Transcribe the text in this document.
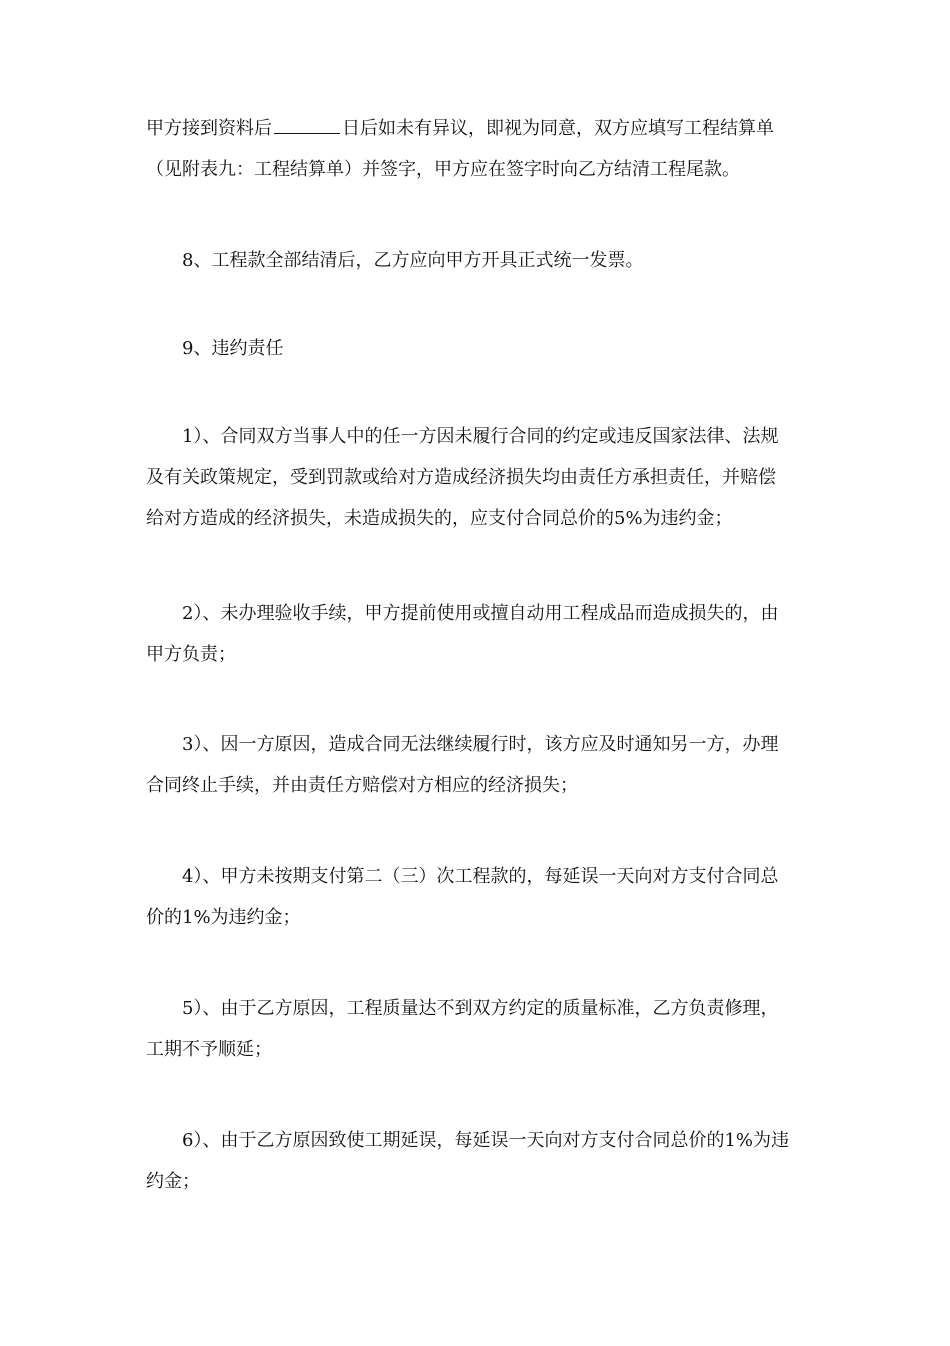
甲方接到资料后	日后如未有异议，即视为同意，双方应填写工程结算单
（见附表九：工程结算单）并签字，甲方应在签字时向乙方结清工程尾款。

8、工程款全部结清后，乙方应向甲方开具正式统一发票。

9、违约责任

1）、合同双方当事人中的任一方因未履行合同的约定或违反国家法律、法规
及有关政策规定，受到罚款或给对方造成经济损失均由责任方承担责任，并赔偿
给对方造成的经济损失，未造成损失的，应支付合同总价的5%为违约金；

2）、未办理验收手续，甲方提前使用或擅自动用工程成品而造成损失的，由
甲方负责；

3）、因一方原因，造成合同无法继续履行时，该方应及时通知另一方，办理
合同终止手续，并由责任方赔偿对方相应的经济损失；

4）、甲方未按期支付第二（三）次工程款的，每延误一天向对方支付合同总
价的1%为违约金；

5）、由于乙方原因，工程质量达不到双方约定的质量标准，乙方负责修理，
工期不予顺延；

6）、由于乙方原因致使工期延误，每延误一天向对方支付合同总价的1%为违
约金；
